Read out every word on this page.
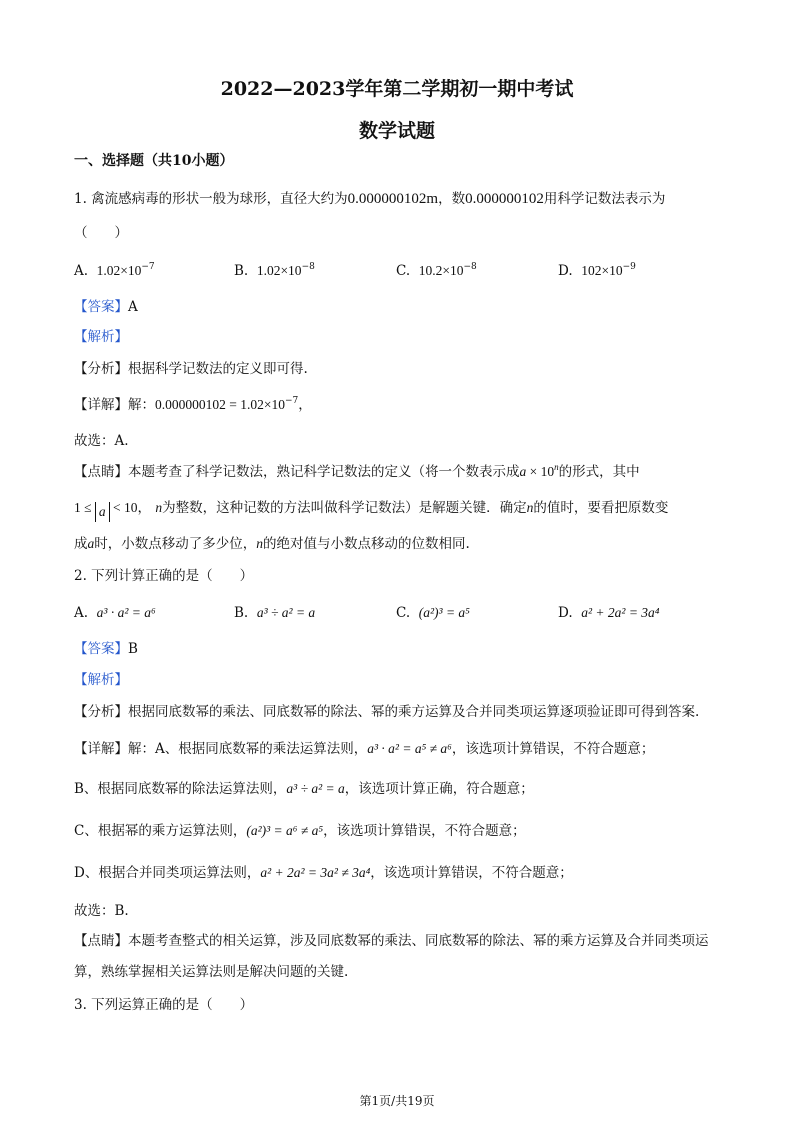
2022—2023学年第二学期初一期中考试
数学试题
一、选择题（共10小题）
1. 禽流感病毒的形状一般为球形，直径大约为0.000000102m，数0.000000102用科学记数法表示为
（　　）
A. $1.02\times 10^{-7}$	B. $1.02\times 10^{-8}$	C. $10.2\times 10^{-8}$	D. $102\times 10^{-9}$
【答案】A
【解析】
【分析】根据科学记数法的定义即可得.
【详解】解：$0.000000102 = 1.02\times 10^{-7}$，
故选：A.
【点睛】本题考查了科学记数法，熟记科学记数法的定义（将一个数表示成$a \times 10^n$的形式，其中
1 ≤ a < 10， n为整数，这种记数的方法叫做科学记数法）是解题关键．确定n的值时，要看把原数变
成a时，小数点移动了多少位，n的绝对值与小数点移动的位数相同.
2. 下列计算正确的是（　　）
A. a³ · a² = a⁶	B. a³ ÷ a² = a	C. (a²)³ = a⁵	D. a² + 2a² = 3a⁴
【答案】B
【解析】
【分析】根据同底数幂的乘法、同底数幂的除法、幂的乘方运算及合并同类项运算逐项验证即可得到答案.
【详解】解：A、根据同底数幂的乘法运算法则，a³ · a² = a⁵ ≠ a⁶，该选项计算错误，不符合题意；
B、根据同底数幂的除法运算法则，a³ ÷ a² = a，该选项计算正确，符合题意；
C、根据幂的乘方运算法则，(a²)³ = a⁶ ≠ a⁵，该选项计算错误，不符合题意；
D、根据合并同类项运算法则，a² + 2a² = 3a² ≠ 3a⁴，该选项计算错误，不符合题意；
故选：B.
【点睛】本题考查整式的相关运算，涉及同底数幂的乘法、同底数幂的除法、幂的乘方运算及合并同类项运
算，熟练掌握相关运算法则是解决问题的关键.
3. 下列运算正确的是（　　）
第1页/共19页
